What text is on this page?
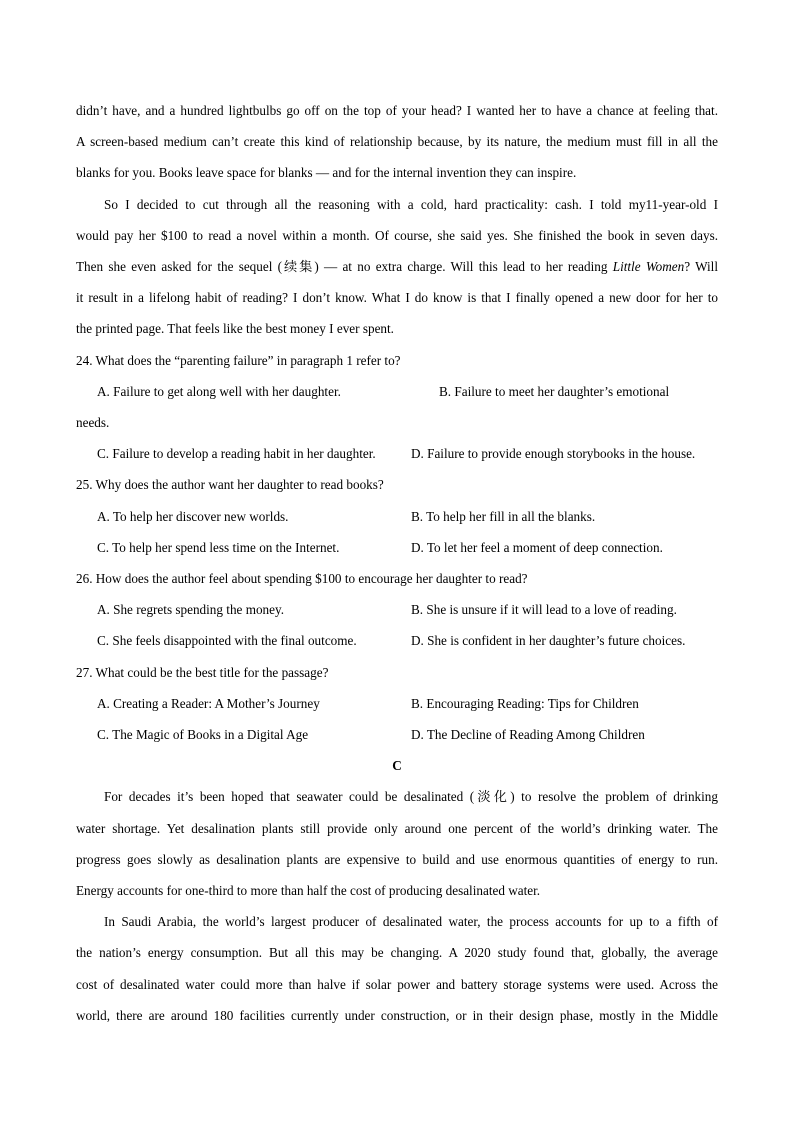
didn’t have, and a hundred lightbulbs go off on the top of your head? I wanted her to have a chance at feeling that.
A screen-based medium can’t create this kind of relationship because, by its nature, the medium must fill in all the
blanks for you. Books leave space for blanks — and for the internal invention they can inspire.
So I decided to cut through all the reasoning with a cold, hard practicality: cash. I told my11-year-old I
would pay her $100 to read a novel within a month. Of course, she said yes. She finished the book in seven days.
Then she even asked for the sequel (续集) — at no extra charge. Will this lead to her reading Little Women? Will
it result in a lifelong habit of reading? I don’t know. What I do know is that I finally opened a new door for her to
the printed page. That feels like the best money I ever spent.
24. What does the “parenting failure” in paragraph 1 refer to?
A. Failure to get along well with her daughter.	B. Failure to meet her daughter’s emotional
needs.
C. Failure to develop a reading habit in her daughter.	D. Failure to provide enough storybooks in the house.
25. Why does the author want her daughter to read books?
A. To help her discover new worlds.	B. To help her fill in all the blanks.
C. To help her spend less time on the Internet.	D. To let her feel a moment of deep connection.
26. How does the author feel about spending $100 to encourage her daughter to read?
A. She regrets spending the money.	B. She is unsure if it will lead to a love of reading.
C. She feels disappointed with the final outcome.	D. She is confident in her daughter’s future choices.
27. What could be the best title for the passage?
A. Creating a Reader: A Mother’s Journey	B. Encouraging Reading: Tips for Children
C. The Magic of Books in a Digital Age	D. The Decline of Reading Among Children
C
For decades it’s been hoped that seawater could be desalinated (淡化) to resolve the problem of drinking
water shortage. Yet desalination plants still provide only around one percent of the world’s drinking water. The
progress goes slowly as desalination plants are expensive to build and use enormous quantities of energy to run.
Energy accounts for one-third to more than half the cost of producing desalinated water.
In Saudi Arabia, the world’s largest producer of desalinated water, the process accounts for up to a fifth of
the nation’s energy consumption. But all this may be changing. A 2020 study found that, globally, the average
cost of desalinated water could more than halve if solar power and battery storage systems were used. Across the
world, there are around 180 facilities currently under construction, or in their design phase, mostly in the Middle
